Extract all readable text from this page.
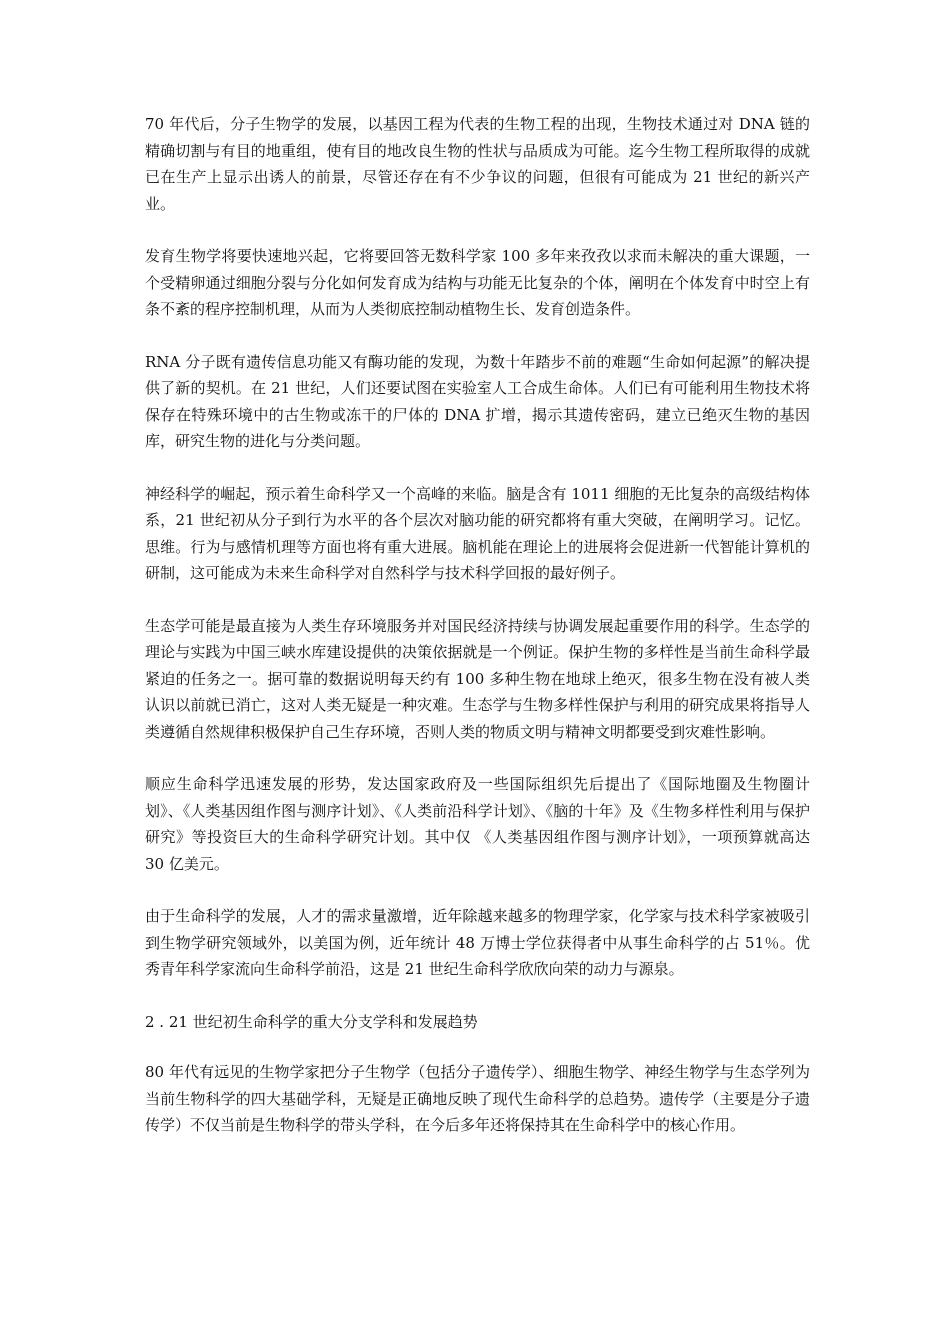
70 年代后，分子生物学的发展，以基因工程为代表的生物工程的出现，生物技术通过对 DNA 链的精确切割与有目的地重组，使有目的地改良生物的性状与品质成为可能。迄今生物工程所取得的成就已在生产上显示出诱人的前景，尽管还存在有不少争议的问题，但很有可能成为 21 世纪的新兴产业。

发育生物学将要快速地兴起，它将要回答无数科学家 100 多年来孜孜以求而未解决的重大课题，一个受精卵通过细胞分裂与分化如何发育成为结构与功能无比复杂的个体，阐明在个体发育中时空上有条不紊的程序控制机理，从而为人类彻底控制动植物生长、发育创造条件。

RNA 分子既有遗传信息功能又有酶功能的发现，为数十年踏步不前的难题“生命如何起源”的解决提供了新的契机。在 21 世纪，人们还要试图在实验室人工合成生命体。人们已有可能利用生物技术将保存在特殊环境中的古生物或冻干的尸体的 DNA 扩增，揭示其遗传密码，建立已绝灭生物的基因库，研究生物的进化与分类问题。

神经科学的崛起，预示着生命科学又一个高峰的来临。脑是含有 1011 细胞的无比复杂的高级结构体系，21 世纪初从分子到行为水平的各个层次对脑功能的研究都将有重大突破，在阐明学习。记忆。思维。行为与感情机理等方面也将有重大进展。脑机能在理论上的进展将会促进新一代智能计算机的研制，这可能成为未来生命科学对自然科学与技术科学回报的最好例子。

生态学可能是最直接为人类生存环境服务并对国民经济持续与协调发展起重要作用的科学。生态学的理论与实践为中国三峡水库建设提供的决策依据就是一个例证。保护生物的多样性是当前生命科学最紧迫的任务之一。据可靠的数据说明每天约有 100 多种生物在地球上绝灭，很多生物在没有被人类认识以前就已消亡，这对人类无疑是一种灾难。生态学与生物多样性保护与利用的研究成果将指导人类遵循自然规律积极保护自己生存环境，否则人类的物质文明与精神文明都要受到灾难性影响。

顺应生命科学迅速发展的形势，发达国家政府及一些国际组织先后提出了《国际地圈及生物圈计划》、《人类基因组作图与测序计划》、《人类前沿科学计划》、《脑的十年》及《生物多样性利用与保护研究》等投资巨大的生命科学研究计划。其中仅 《人类基因组作图与测序计划》，一项预算就高达 30 亿美元。

由于生命科学的发展，人才的需求量激增，近年除越来越多的物理学家，化学家与技术科学家被吸引到生物学研究领域外，以美国为例，近年统计 48 万博士学位获得者中从事生命科学的占 51％。优秀青年科学家流向生命科学前沿，这是 21 世纪生命科学欣欣向荣的动力与源泉。

2 . 21 世纪初生命科学的重大分支学科和发展趋势

80 年代有远见的生物学家把分子生物学（包括分子遗传学）、细胞生物学、神经生物学与生态学列为当前生物科学的四大基础学科，无疑是正确地反映了现代生命科学的总趋势。遗传学（主要是分子遗传学）不仅当前是生物科学的带头学科，在今后多年还将保持其在生命科学中的核心作用。
